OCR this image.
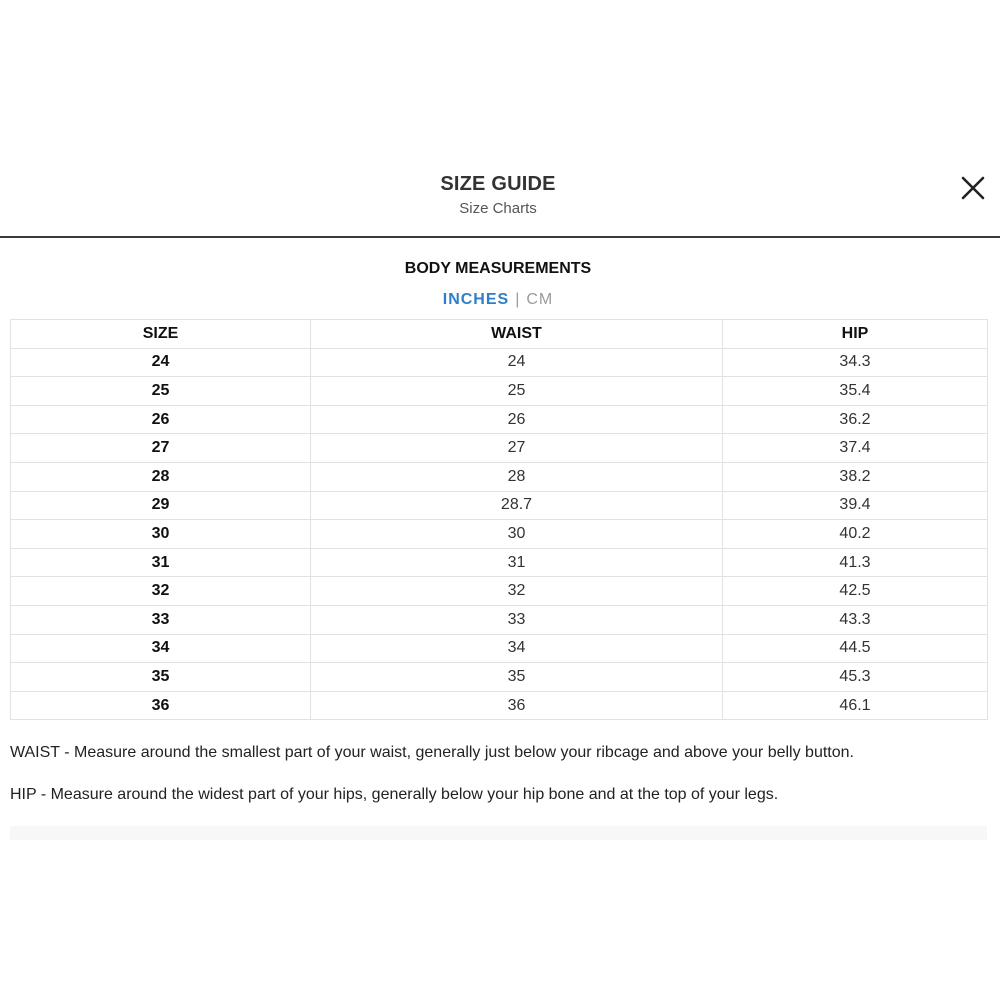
SIZE GUIDE
Size Charts
BODY MEASUREMENTS
INCHES | CM
SIZE	WAIST	HIP
24	24	34.3
25	25	35.4
26	26	36.2
27	27	37.4
28	28	38.2
29	28.7	39.4
30	30	40.2
31	31	41.3
32	32	42.5
33	33	43.3
34	34	44.5
35	35	45.3
36	36	46.1
WAIST - Measure around the smallest part of your waist, generally just below your ribcage and above your belly button.
HIP - Measure around the widest part of your hips, generally below your hip bone and at the top of your legs.
